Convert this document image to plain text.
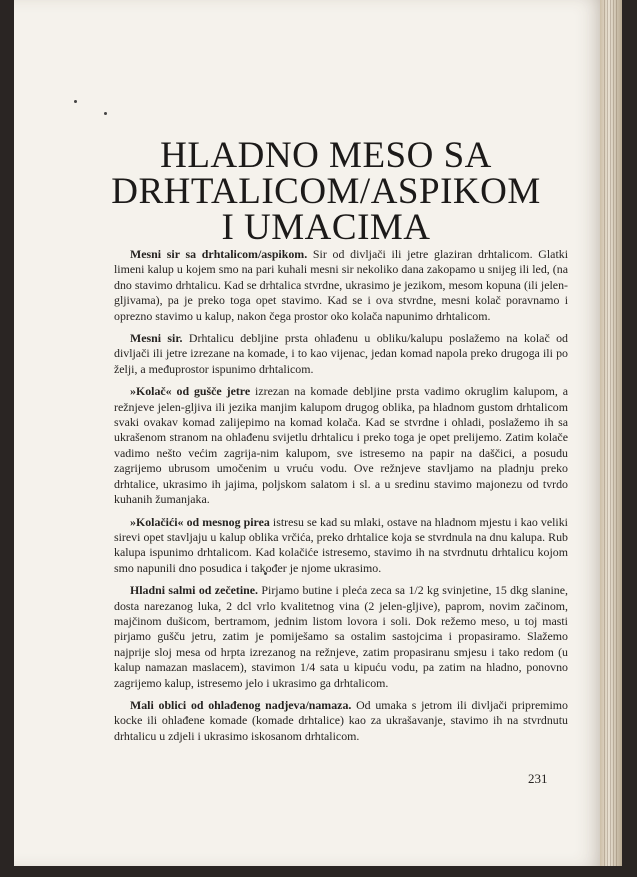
HLADNO MESO SA
DRHTALICOM/ASPIKOM
I UMACIMA

Mesni sir sa drhtalicom/aspikom. Sir od divljači ili jetre glaziran drhtalicom. Glatki limeni kalup u kojem smo na pari kuhali mesni sir nekoliko dana zakopamo u snijeg ili led, (na dno stavimo drhtalicu. Kad se drhtalica stvrdne, ukrasimo je jezikom, mesom kopuna (ili jelen-gljivama), pa je preko toga opet stavimo. Kad se i ova stvrdne, mesni kolač poravnamo i oprezno stavimo u kalup, nakon čega prostor oko kolača napunimo drhtalicom.

Mesni sir. Drhtalicu debljine prsta ohlađenu u obliku/kalupu poslažemo na kolač od divljači ili jetre izrezane na komade, i to kao vijenac, jedan komad napola preko drugoga ili po želji, a međuprostor ispunimo drhtalicom.

»Kolač« od gušče jetre izrezan na komade debljine prsta vadimo okruglim kalupom, a režnjeve jelen-gljiva ili jezika manjim kalupom drugog oblika, pa hladnom gustom drhtalicom svaki ovakav komad zalijepimo na komad kolača. Kad se stvrdne i ohladi, poslažemo ih sa ukrašenom stranom na ohlađenu svijetlu drhtalicu i preko toga je opet prelijemo. Zatim kolače vadimo nešto većim zagrija-nim kalupom, sve istresemo na papir na daščici, a posudu zagrijemo ubrusom umočenim u vruću vodu. Ove režnjeve stavljamo na pladnju preko drhtalice, ukrasimo ih jajima, poljskom salatom i sl. a u sredinu stavimo majonezu od tvrdo kuhanih žumanjaka.

»Kolačići« od mesnog pirea istresu se kad su mlaki, ostave na hladnom mjestu i kao veliki sirevi opet stavljaju u kalup oblika vrčića, preko drhtalice koja se stvrdnula na dnu kalupa. Rub kalupa ispunimo drhtalicom. Kad kolačiće istresemo, stavimo ih na stvrdnutu drhtalicu kojom smo napunili dno posudica i također je njome ukrasimo.

Hladni salmi od zečetine. Pirjamo butine i pleća zeca sa 1/2 kg svinjetine, 15 dkg slanine, dosta narezanog luka, 2 dcl vrlo kvalitetnog vina (2 jelen-gljive), paprom, novim začinom, majčinom dušicom, bertramom, jednim listom lovora i soli. Dok režemo meso, u toj masti pirjamo gušču jetru, zatim je pomiješamo sa ostalim sastojcima i propasiramo. Slažemo najprije sloj mesa od hrpta izrezanog na režnjeve, zatim propasiranu smjesu i tako redom (u kalup namazan maslacem), stavimon 1/4 sata u kipuću vodu, pa zatim na hladno, ponovno zagrijemo kalup, istresemo jelo i ukrasimo ga drhtalicom.

Mali oblici od ohlađenog nadjeva/namaza. Od umaka s jetrom ili divljači pripremimo kocke ili ohlađene komade (komade drhtalice) kao za ukrašavanje, stavimo ih na stvrdnutu drhtalicu u zdjeli i ukrasimo iskosanom drhtalicom.

231
